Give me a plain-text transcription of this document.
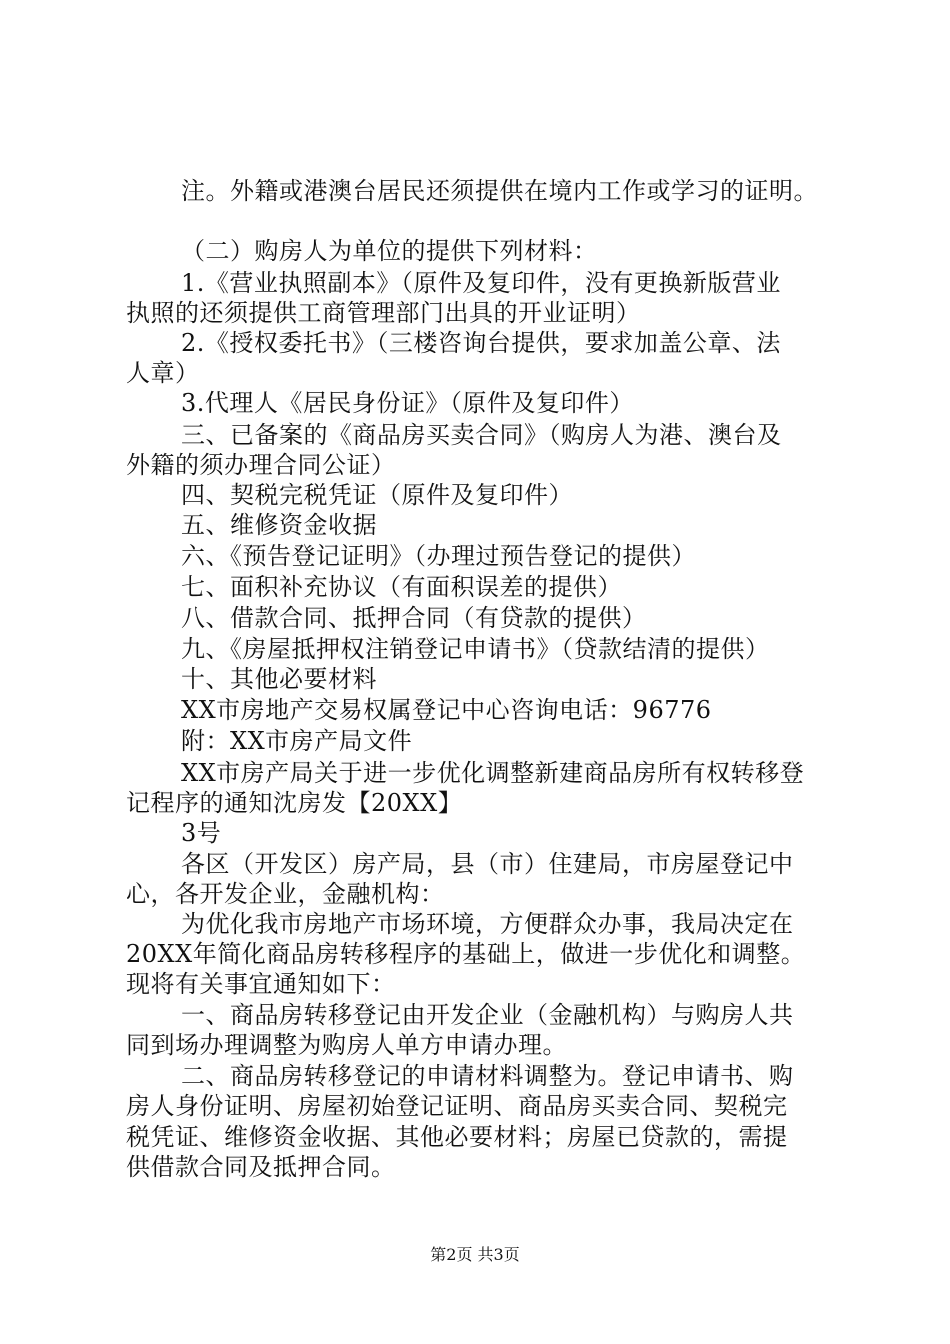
注。外籍或港澳台居民还须提供在境内工作或学习的证明。
（二）购房人为单位的提供下列材料：
1.《营业执照副本》（原件及复印件，没有更换新版营业
执照的还须提供工商管理部门出具的开业证明）
2.《授权委托书》（三楼咨询台提供，要求加盖公章、法
人章）
3.代理人《居民身份证》（原件及复印件）
三、已备案的《商品房买卖合同》（购房人为港、澳台及
外籍的须办理合同公证）
四、契税完税凭证（原件及复印件）
五、维修资金收据
六、《预告登记证明》（办理过预告登记的提供）
七、面积补充协议（有面积误差的提供）
八、借款合同、抵押合同（有贷款的提供）
九、《房屋抵押权注销登记申请书》（贷款结清的提供）
十、其他必要材料
XX市房地产交易权属登记中心咨询电话：96776
附：XX市房产局文件
XX市房产局关于进一步优化调整新建商品房所有权转移登
记程序的通知沈房发【20XX】
3号
各区（开发区）房产局，县（市）住建局，市房屋登记中
心，各开发企业，金融机构：
为优化我市房地产市场环境，方便群众办事，我局决定在
20XX年简化商品房转移程序的基础上，做进一步优化和调整。
现将有关事宜通知如下：
一、商品房转移登记由开发企业（金融机构）与购房人共
同到场办理调整为购房人单方申请办理。
二、商品房转移登记的申请材料调整为。登记申请书、购
房人身份证明、房屋初始登记证明、商品房买卖合同、契税完
税凭证、维修资金收据、其他必要材料；房屋已贷款的，需提
供借款合同及抵押合同。
第2页 共3页
